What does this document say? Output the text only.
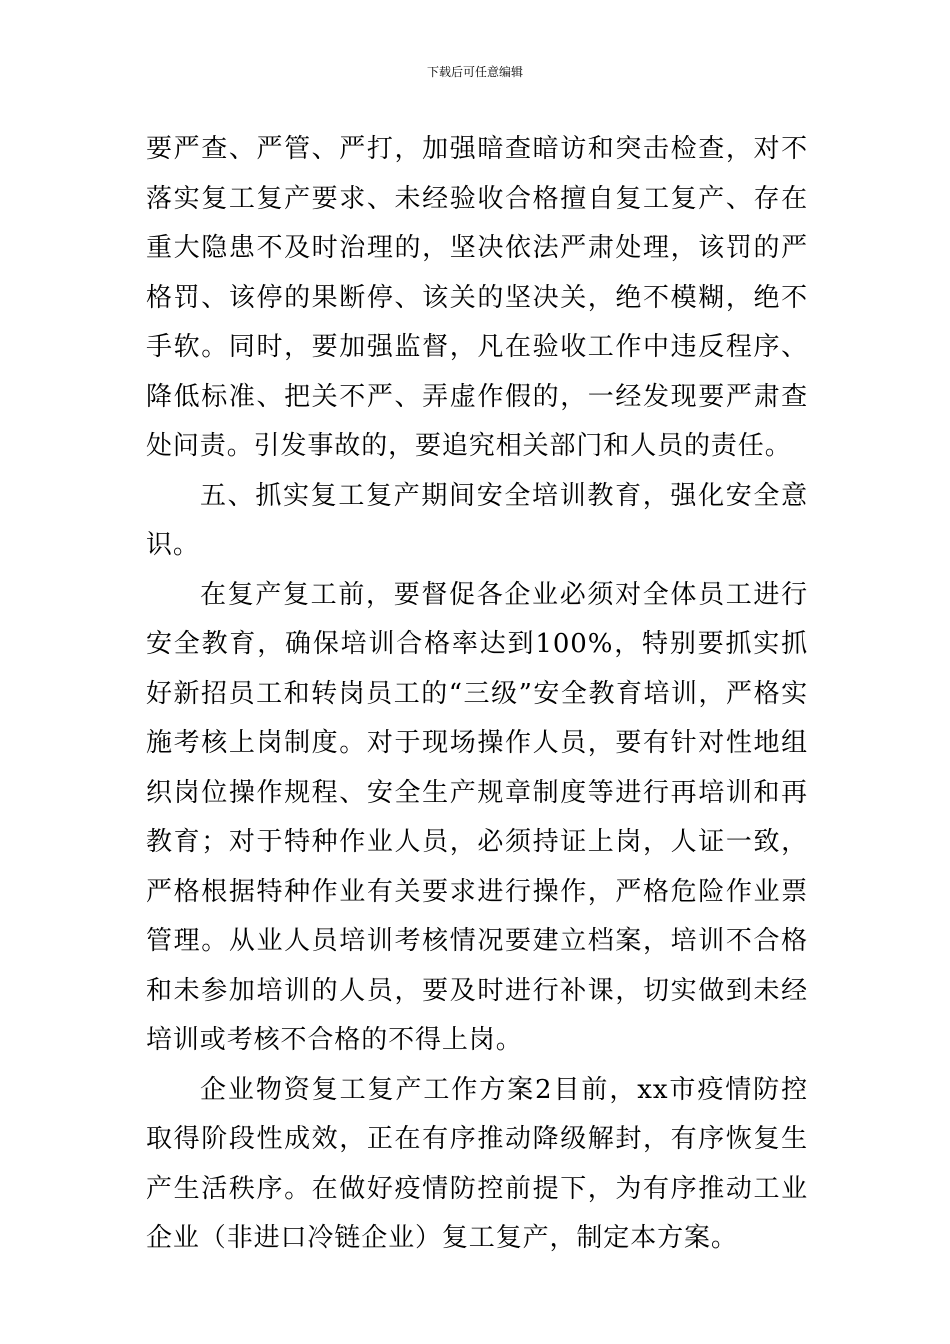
下载后可任意编辑

要严查、严管、严打，加强暗查暗访和突击检查，对不落实复工复产要求、未经验收合格擅自复工复产、存在重大隐患不及时治理的，坚决依法严肃处理，该罚的严格罚、该停的果断停、该关的坚决关，绝不模糊，绝不手软。同时，要加强监督，凡在验收工作中违反程序、降低标准、把关不严、弄虚作假的，一经发现要严肃查处问责。引发事故的，要追究相关部门和人员的责任。

五、抓实复工复产期间安全培训教育，强化安全意识。

在复产复工前，要督促各企业必须对全体员工进行安全教育，确保培训合格率达到100%，特别要抓实抓好新招员工和转岗员工的“三级”安全教育培训，严格实施考核上岗制度。对于现场操作人员，要有针对性地组织岗位操作规程、安全生产规章制度等进行再培训和再教育；对于特种作业人员，必须持证上岗，人证一致，严格根据特种作业有关要求进行操作，严格危险作业票管理。从业人员培训考核情况要建立档案，培训不合格和未参加培训的人员，要及时进行补课，切实做到未经培训或考核不合格的不得上岗。

企业物资复工复产工作方案2目前，xx市疫情防控取得阶段性成效，正在有序推动降级解封，有序恢复生产生活秩序。在做好疫情防控前提下，为有序推动工业企业（非进口冷链企业）复工复产，制定本方案。
